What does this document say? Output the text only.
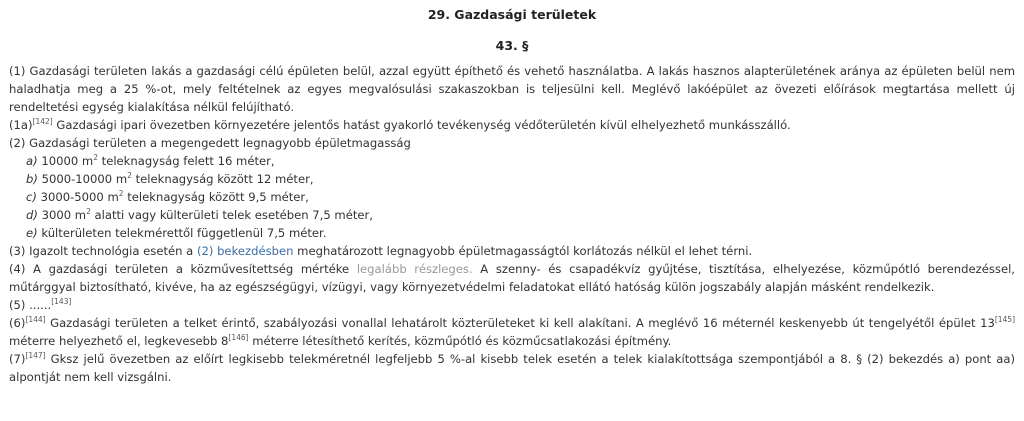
29. Gazdasági területek
43. §

(1) Gazdasági területen lakás a gazdasági célú épületen belül, azzal együtt építhető és vehető használatba. A lakás hasznos alapterületének aránya az épületen belül nem haladhatja meg a 25 %-ot, mely feltételnek az egyes megvalósulási szakaszokban is teljesülni kell. Meglévő lakóépület az övezeti előírások megtartása mellett új rendeltetési egység kialakítása nélkül felújítható.

(1a)[142] Gazdasági ipari övezetben környezetére jelentős hatást gyakorló tevékenység védőterületén kívül elhelyezhető munkásszálló.

(2) Gazdasági területen a megengedett legnagyobb épületmagasság

a) 10000 $m^2$ teleknagyság felett 16 méter,

b) 5000-10000 $m^2$ teleknagyság között 12 méter,

c) 3000-5000 $m^2$ teleknagyság között 9,5 méter,

d) 3000 $m^2$ alatti vagy külterületi telek esetében 7,5 méter,

e) külterületen telekmérettől függetlenül 7,5 méter.

(3) Igazolt technológia esetén a (2) bekezdésben meghatározott legnagyobb épületmagasságtól korlátozás nélkül el lehet térni.

(4) A gazdasági területen a közművesítettség mértéke legalább részleges. A szenny- és csapadékvíz gyűjtése, tisztítása, elhelyezése, közműpótló berendezéssel, műtárggyal biztosítható, kivéve, ha az egészségügyi, vízügyi, vagy környezetvédelmi feladatokat ellátó hatóság külön jogszabály alapján másként rendelkezik.

(5) ......[143]

(6)[144] Gazdasági területen a telket érintő, szabályozási vonallal lehatárolt közterületeket ki kell alakítani. A meglévő 16 méternél keskenyebb út tengelyétől épület 13[145] méterre helyezhető el, legkevesebb 8[146] méterre létesíthető kerítés, közműpótló és közműcsatlakozási építmény.

(7)[147] Gksz jelű övezetben az előírt legkisebb telekméretnél legfeljebb 5 %-al kisebb telek esetén a telek kialakítottsága szempontjából a 8. § (2) bekezdés a) pont aa) alpontját nem kell vizsgálni.
